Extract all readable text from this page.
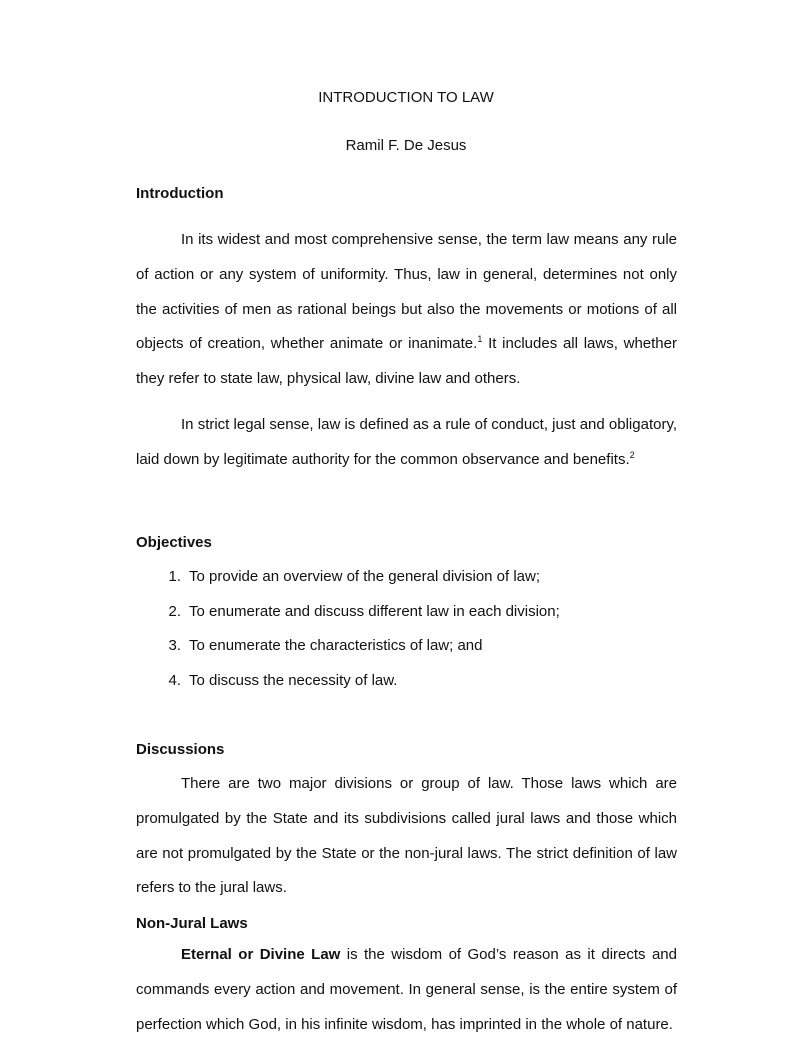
INTRODUCTION TO LAW
Ramil F. De Jesus
Introduction

In its widest and most comprehensive sense, the term law means any rule of action or any system of uniformity. Thus, law in general, determines not only the activities of men as rational beings but also the movements or motions of all objects of creation, whether animate or inanimate.$^1$ It includes all laws, whether they refer to state law, physical law, divine law and others.

In strict legal sense, law is defined as a rule of conduct, just and obligatory, laid down by legitimate authority for the common observance and benefits.$^2$

Objectives
1. To provide an overview of the general division of law;
2. To enumerate and discuss different law in each division;
3. To enumerate the characteristics of law; and
4. To discuss the necessity of law.
Discussions

There are two major divisions or group of law. Those laws which are promulgated by the State and its subdivisions called jural laws and those which are not promulgated by the State or the non-jural laws. The strict definition of law refers to the jural laws.

Non-Jural Laws

Eternal or Divine Law is the wisdom of God’s reason as it directs and commands every action and movement. In general sense, is the entire system of perfection which God, in his infinite wisdom, has imprinted in the whole of nature.
